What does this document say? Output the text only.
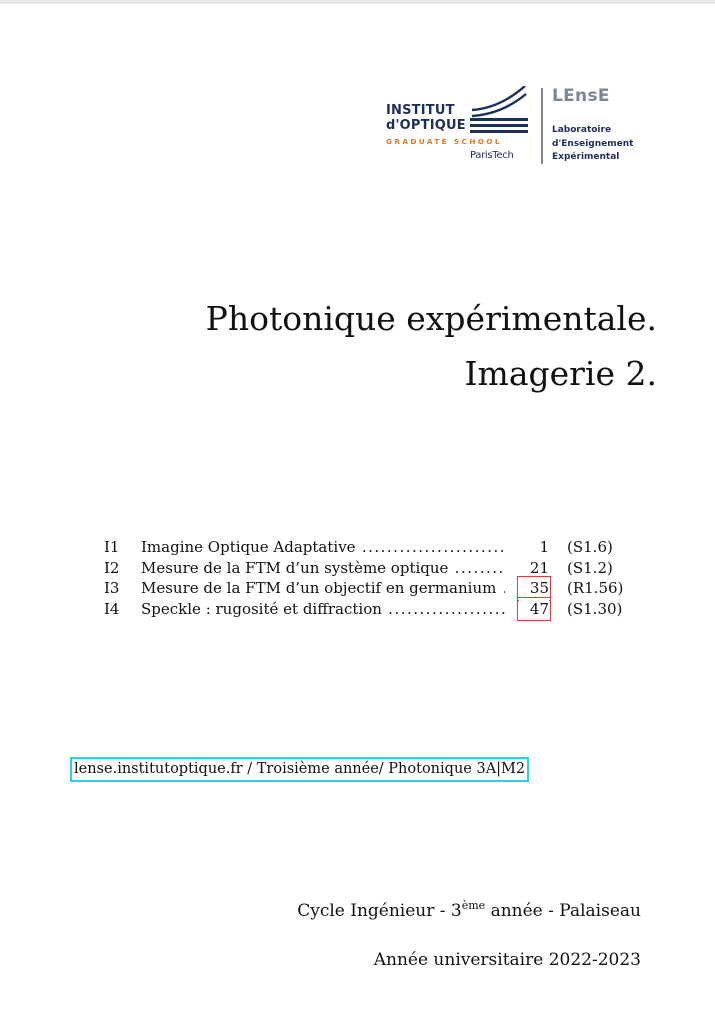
INSTITUT
d'OPTIQUE
GRADUATE SCHOOL
ParisTech
LEnsE
Laboratoire
d'Enseignement
Expérimental
Photonique expérimentale.
Imagerie 2.
I1	Imagine Optique Adaptative .....	1 (S1.6)
I2	Mesure de la FTM d’un système optique .....	21 (S1.2)
I3	Mesure de la FTM d’un objectif en germanium .....	35 (R1.56)
I4	Speckle : rugosité et diffraction .....	47 (S1.30)
lense.institutoptique.fr / Troisième année/ Photonique 3A|M2
Cycle Ingénieur - 3ème année - Palaiseau
Année universitaire 2022-2023
